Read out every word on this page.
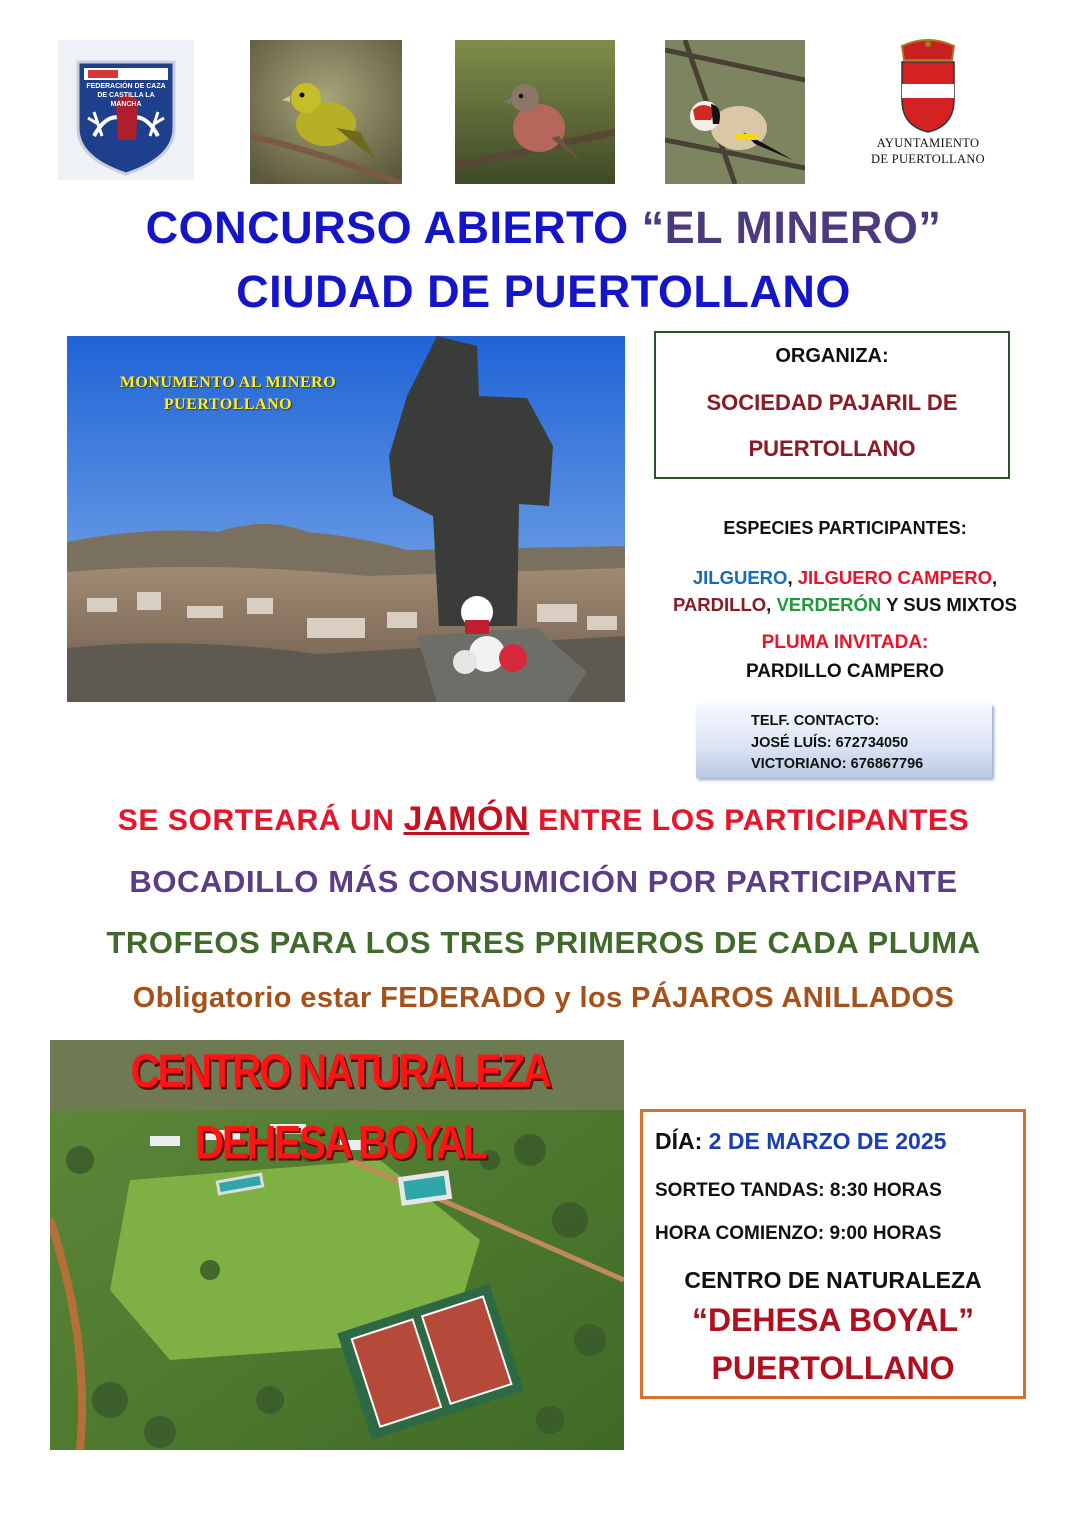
FEDERACIÓN DE CAZA DE CASTILLA LA MANCHA
AYUNTAMIENTO
DE PUERTOLLANO
CONCURSO ABIERTO “EL MINERO”
CIUDAD DE PUERTOLLANO
MONUMENTO AL MINERO
PUERTOLLANO
ORGANIZA:
SOCIEDAD PAJARIL DE
PUERTOLLANO
ESPECIES PARTICIPANTES:
JILGUERO, JILGUERO CAMPERO,
PARDILLO, VERDERÓN Y SUS MIXTOS
PLUMA INVITADA:
PARDILLO CAMPERO
TELF. CONTACTO:
JOSÉ LUÍS: 672734050
VICTORIANO: 676867796
SE SORTEARÁ UN JAMÓN ENTRE LOS PARTICIPANTES
BOCADILLO MÁS CONSUMICIÓN POR PARTICIPANTE
TROFEOS PARA LOS TRES PRIMEROS DE CADA PLUMA
Obligatorio estar FEDERADO y los PÁJAROS ANILLADOS
CENTRO NATURALEZA DEHESA BOYAL	DÍA: 2 DE MARZO DE 2025
SORTEO TANDAS: 8:30 HORAS
HORA COMIENZO: 9:00 HORAS
CENTRO DE NATURALEZA
“DEHESA BOYAL”
PUERTOLLANO
